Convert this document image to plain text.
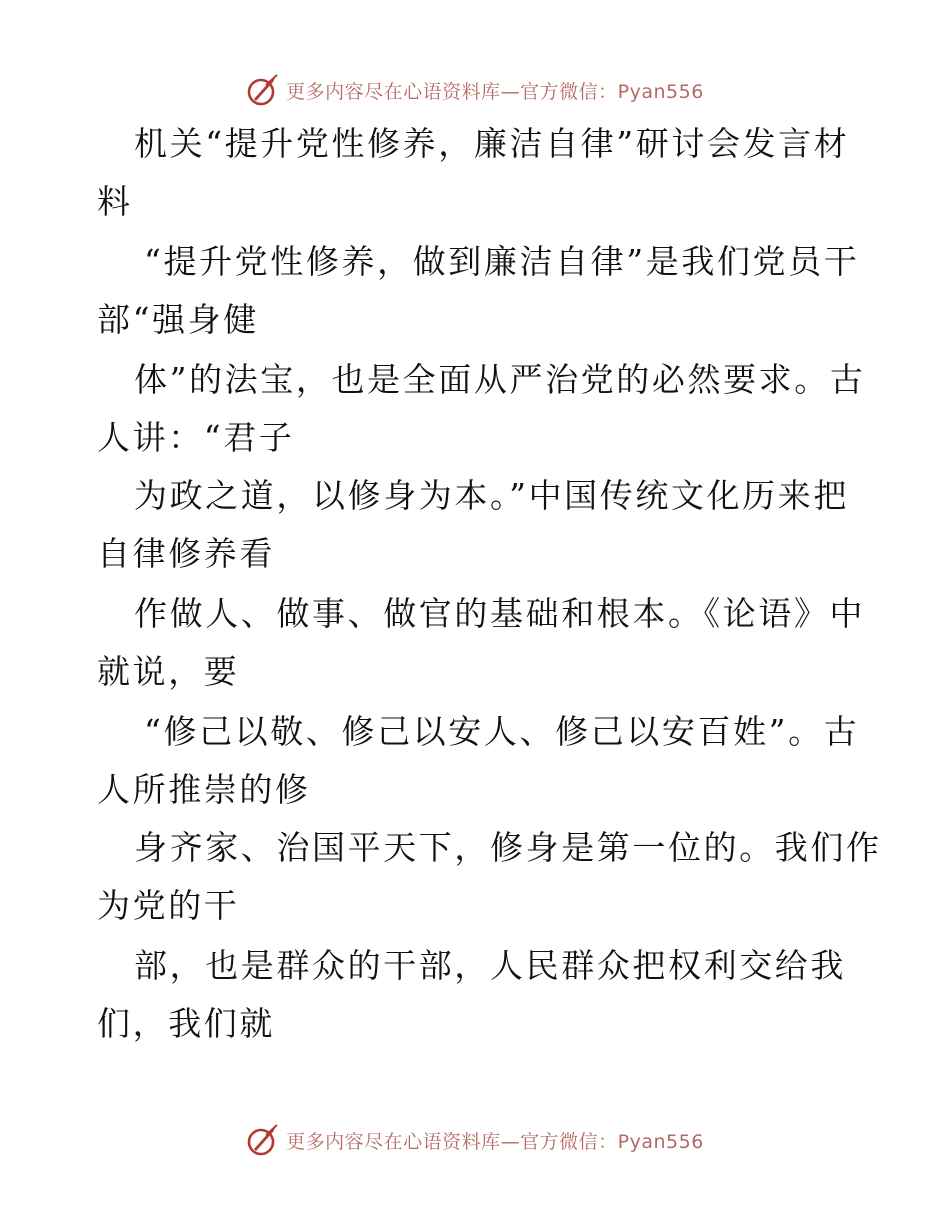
更多内容尽在心语资料库—官方微信：Pyan556
机关“提升党性修养，廉洁自律”研讨会发言材
料
“提升党性修养，做到廉洁自律”是我们党员干
部“强身健
体”的法宝，也是全面从严治党的必然要求。古
人讲：“君子
为政之道，以修身为本。”中国传统文化历来把
自律修养看
作做人、做事、做官的基础和根本。《论语》中
就说，要
“修己以敬、修己以安人、修己以安百姓”。古
人所推崇的修
身齐家、治国平天下，修身是第一位的。我们作
为党的干
部，也是群众的干部，人民群众把权利交给我
们，我们就
更多内容尽在心语资料库—官方微信：Pyan556
